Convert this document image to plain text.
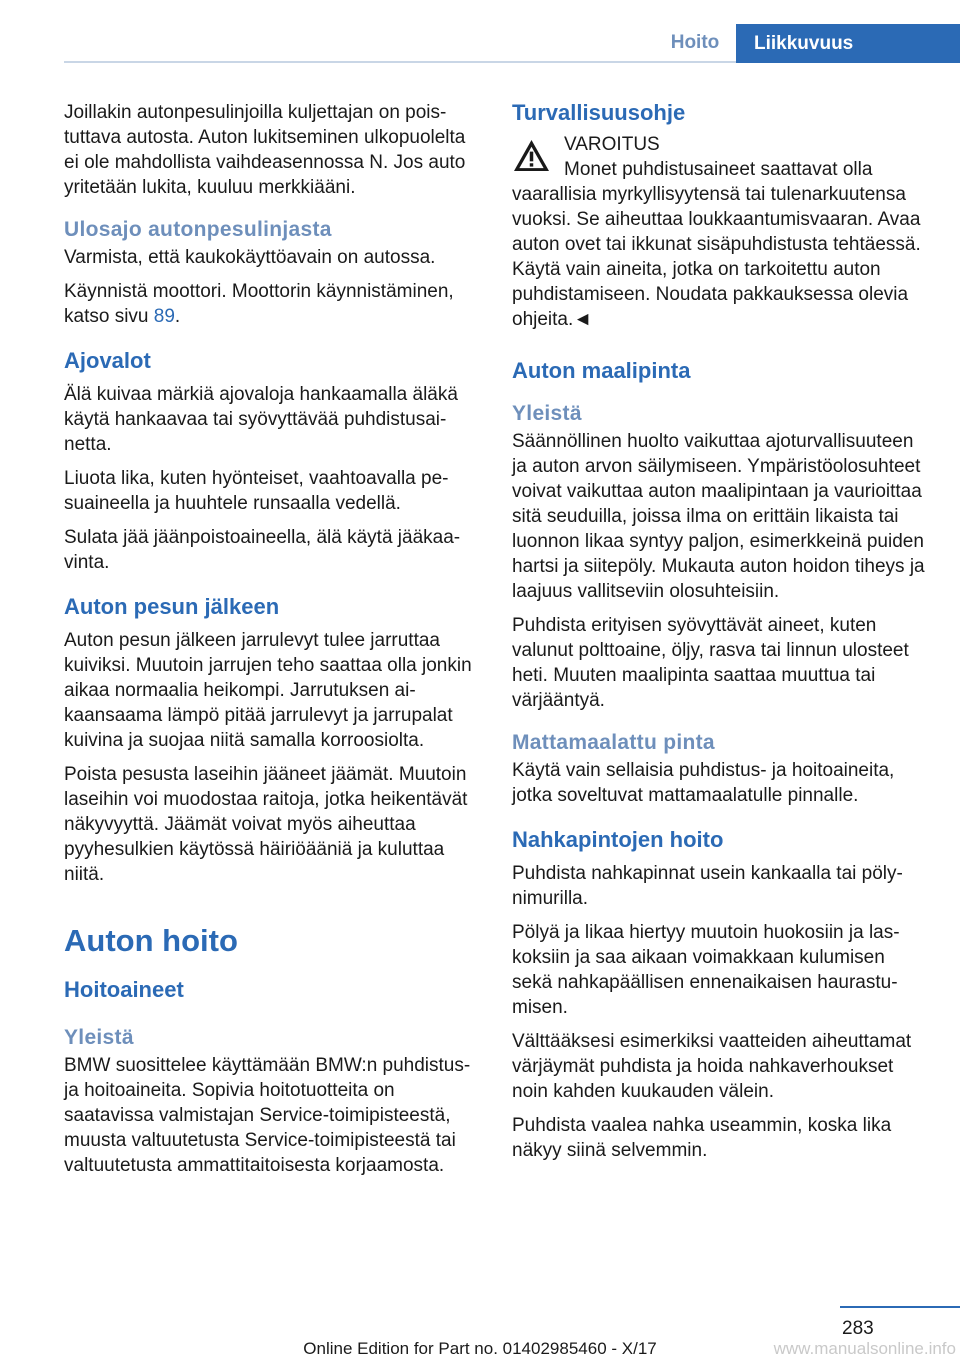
Hoito	Liikkuvuus

Joillakin autonpesulinjoilla kuljettajan on poistuttava autosta. Auton lukitseminen ulkopuolelta ei ole mahdollista vaihdeasennossa N. Jos auto yritetään lukita, kuuluu merkkiääni.

Ulosajo autonpesulinjasta

Varmista, että kaukokäyttöavain on autossa.

Käynnistä moottori. Moottorin käynnistäminen, katso sivu 89.

Ajovalot

Älä kuivaa märkiä ajovaloja hankaamalla äläkä käytä hankaavaa tai syövyttävää puhdistusainetta.

Liuota lika, kuten hyönteiset, vaahtoavalla pesuaineella ja huuhtele runsaalla vedellä.

Sulata jää jäänpoistoaineella, älä käytä jääkaavinta.

Auton pesun jälkeen

Auton pesun jälkeen jarrulevyt tulee jarruttaa kuiviksi. Muutoin jarrujen teho saattaa olla jonkin aikaa normaalia heikompi. Jarrutuksen aikaansaama lämpö pitää jarrulevyt ja jarrupalat kuivina ja suojaa niitä samalla korroosiolta.

Poista pesusta laseihin jääneet jäämät. Muutoin laseihin voi muodostaa raitoja, jotka heikentävät näkyvyyttä. Jäämät voivat myös aiheuttaa pyyhesulkien käytössä häiriöääniä ja kuluttaa niitä.

Auton hoito
Hoitoaineet
Yleistä

BMW suosittelee käyttämään BMW:n puhdistus- ja hoitoaineita. Sopivia hoitotuotteita on saatavissa valmistajan Service-toimipisteestä, muusta valtuutetusta Service-toimipisteestä tai valtuutetusta ammattitaitoisesta korjaamosta.

Turvallisuusohje

VAROITUS

Monet puhdistusaineet saattavat olla

vaarallisia myrkyllisyytensä tai tulenarkuutensa vuoksi. Se aiheuttaa loukkaantumisvaaran. Avaa auton ovet tai ikkunat sisäpuhdistusta tehtäessä. Käytä vain aineita, jotka on tarkoitettu auton puhdistamiseen. Noudata pakkauksessa olevia ohjeita.◄

Auton maalipinta
Yleistä

Säännöllinen huolto vaikuttaa ajoturvallisuuteen ja auton arvon säilymiseen. Ympäristöolosuhteet voivat vaikuttaa auton maalipintaan ja vaurioittaa sitä seuduilla, joissa ilma on erittäin likaista tai luonnon likaa syntyy paljon, esimerkkeinä puiden hartsi ja siitepöly. Mukauta auton hoidon tiheys ja laajuus vallitseviin olosuhteisiin.

Puhdista erityisen syövyttävät aineet, kuten valunut polttoaine, öljy, rasva tai linnun ulosteet heti. Muuten maalipinta saattaa muuttua tai värjääntyä.

Mattamaalattu pinta

Käytä vain sellaisia puhdistus- ja hoitoaineita, jotka soveltuvat mattamaalatulle pinnalle.

Nahkapintojen hoito

Puhdista nahkapinnat usein kankaalla tai pölynimurilla.

Pölyä ja likaa hiertyy muutoin huokosiin ja laskoksiin ja saa aikaan voimakkaan kulumisen sekä nahkapäällisen ennenaikaisen haurastumisen.

Välttääksesi esimerkiksi vaatteiden aiheuttamat värjäymät puhdista ja hoida nahkaverhoukset noin kahden kuukauden välein.

Puhdista vaalea nahka useammin, koska lika näkyy siinä selvemmin.

283
Online Edition for Part no. 01402985460 - X/17	www.manualsonline.info
